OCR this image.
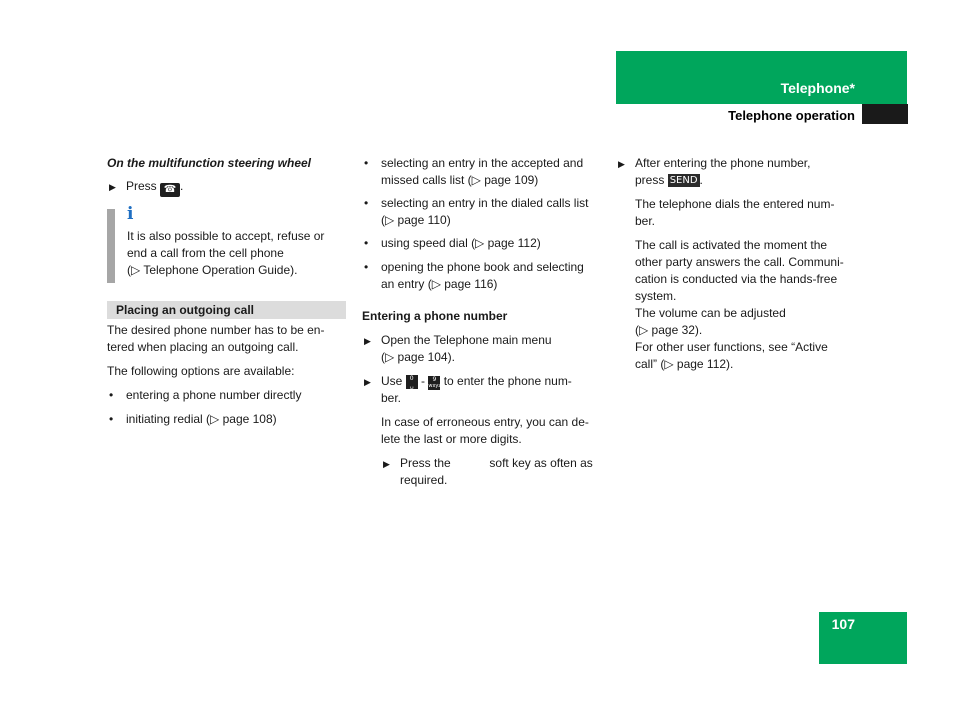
Telephone*
Telephone operation

On the multifunction steering wheel

▶ Press ☎ .

i

It is also possible to accept, refuse or

end a call from the cell phone

(▷ Telephone Operation Guide).

Placing an outgoing call

The desired phone number has to be en-

tered when placing an outgoing call.

The following options are available:

• entering a phone number directly

• initiating redial (▷ page 108)

• selecting an entry in the accepted and

missed calls list (▷ page 109)

• selecting an entry in the dialed calls list

(▷ page 110)

• using speed dial (▷ page 112)

• opening the phone book and selecting

an entry (▷ page 116)

Entering a phone number

▶ Open the Telephone main menu

(▷ page 104).

▶ Use	0
␣ -	9
wxyz to enter the phone num-

ber.

In case of erroneous entry, you can de-

lete the last or more digits.

▶ Press the	soft key as often as

required.

▶ After entering the phone number,

press SEND .

The telephone dials the entered num-

ber.

The call is activated the moment the

other party answers the call. Communi-

cation is conducted via the hands-free

system.

The volume can be adjusted

(▷ page 32).

For other user functions, see “Active

call” (▷ page 112).

107
